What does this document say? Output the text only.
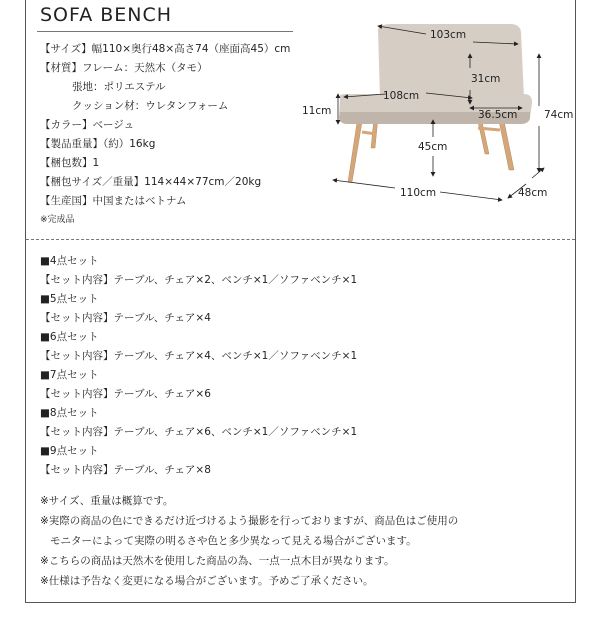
SOFA BENCH
【サイズ】幅110×奥行48×高さ74（座面高45）cm
【材質】フレーム：天然木（タモ）
張地：ポリエステル
クッション材：ウレタンフォーム
【カラー】ベージュ
【製品重量】（約）16kg
【梱包数】1
【梱包サイズ／重量】114×44×77cm／20kg
【生産国】中国またはベトナム
※完成品
103cm
31cm
108cm
36.5cm
11cm
45cm
74cm
110cm	48cm
■4点セット
【セット内容】テーブル、チェア×2、ベンチ×1／ソファベンチ×1
■5点セット
【セット内容】テーブル、チェア×4
■6点セット
【セット内容】テーブル、チェア×4、ベンチ×1／ソファベンチ×1
■7点セット
【セット内容】テーブル、チェア×6
■8点セット
【セット内容】テーブル、チェア×6、ベンチ×1／ソファベンチ×1
■9点セット
【セット内容】テーブル、チェア×8
※サイズ、重量は概算です。
※実際の商品の色にできるだけ近づけるよう撮影を行っておりますが、商品色はご使用の
モニターによって実際の明るさや色と多少異なって見える場合がございます。
※こちらの商品は天然木を使用した商品の為、一点一点木目が異なります。
※仕様は予告なく変更になる場合がございます。予めご了承ください。
